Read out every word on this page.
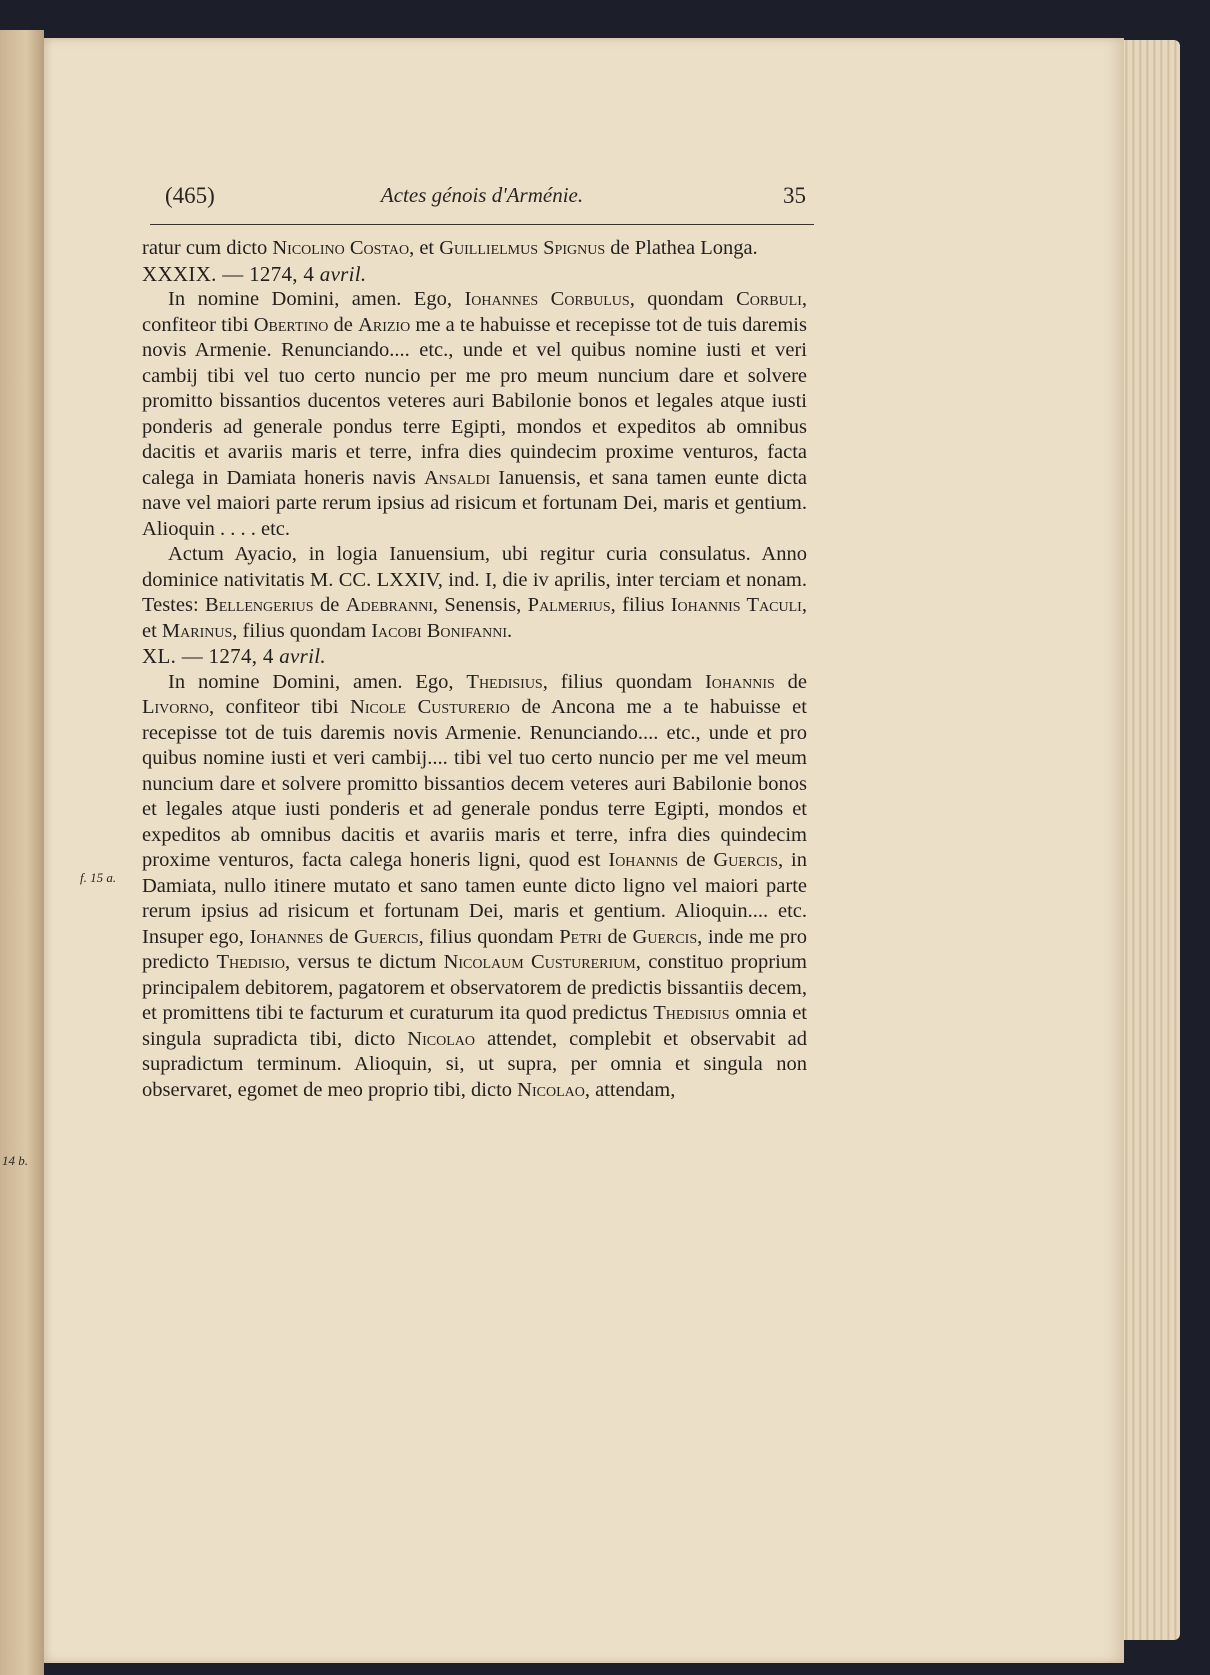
(465)	Actes génois d'Arménie.	35
f. 15 a.
14 b.

ratur cum dicto Nicolino Costao, et Guillielmus Spignus de Plathea Longa.

XXXIX. — 1274, 4 avril.

In nomine Domini, amen. Ego, Iohannes Corbulus, quondam Corbuli, confiteor tibi Obertino de Arizio me a te habuisse et recepisse tot de tuis daremis novis Armenie. Renunciando.... etc., unde et vel quibus nomine iusti et veri cambij tibi vel tuo certo nuncio per me pro meum nuncium dare et solvere promitto bissantios ducentos veteres auri Babilonie bonos et legales atque iusti ponderis ad generale pondus terre Egipti, mondos et expeditos ab omnibus dacitis et avariis maris et terre, infra dies quindecim proxime venturos, facta calega in Damiata honeris navis Ansaldi Ianuensis, et sana tamen eunte dicta nave vel maiori parte rerum ipsius ad risicum et fortunam Dei, maris et gentium. Alioquin . . . . etc.

Actum Ayacio, in logia Ianuensium, ubi regitur curia consulatus. Anno dominice nativitatis M. CC. LXXIV, ind. I, die iv aprilis, inter terciam et nonam. Testes: Bellengerius de Adebranni, Senensis, Palmerius, filius Iohannis Taculi, et Marinus, filius quondam Iacobi Bonifanni.

XL. — 1274, 4 avril.

In nomine Domini, amen. Ego, Thedisius, filius quondam Iohannis de Livorno, confiteor tibi Nicole Custurerio de Ancona me a te habuisse et recepisse tot de tuis daremis novis Armenie. Renunciando.... etc., unde et pro quibus nomine iusti et veri cambij.... tibi vel tuo certo nuncio per me vel meum nuncium dare et solvere promitto bissantios decem veteres auri Babilonie bonos et legales atque iusti ponderis et ad generale pondus terre Egipti, mondos et expeditos ab omnibus dacitis et avariis maris et terre, infra dies quindecim proxime venturos, facta calega honeris ligni, quod est Iohannis de Guercis, in Damiata, nullo itinere mutato et sano tamen eunte dicto ligno vel maiori parte rerum ipsius ad risicum et fortunam Dei, maris et gentium. Alioquin.... etc. Insuper ego, Iohannes de Guercis, filius quondam Petri de Guercis, inde me pro predicto Thedisio, versus te dictum Nicolaum Custurerium, constituo proprium principalem debitorem, pagatorem et observatorem de predictis bissantiis decem, et promittens tibi te facturum et curaturum ita quod predictus Thedisius omnia et singula supradicta tibi, dicto Nicolao attendet, complebit et observabit ad supradictum terminum. Alioquin, si, ut supra, per omnia et singula non observaret, egomet de meo proprio tibi, dicto Nicolao, attendam,
